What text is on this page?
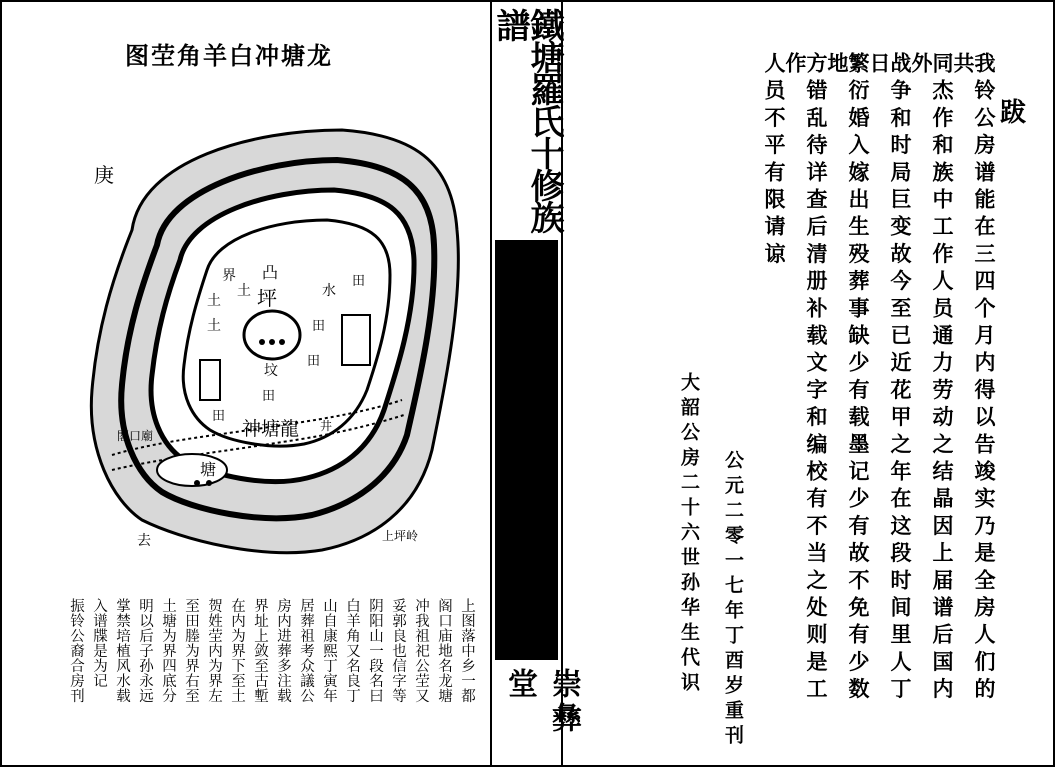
图茔角羊白冲塘龙
庚
界
土
土
土
坪
凸
坟
水
田
田
田
田
田
神塘龍
塘
井
去	上坪岭
閣口廟
上图落中乡一都
阁口庙地名龙塘
冲我祖祀公茔又
妥郭良也信字等
阴阳山一段名曰
白羊角又名良丁
山自康熙丁寅年
居葬祖考众議公
房内进葬多注载
界址上敛至古塹
在内为界下至土
贺姓茔内为界左
至田塍为界右至
土塘为界四底分
明以后子孙永远
掌禁培植风水载
入谱牒是为记
振铃公裔合房刊
鐵塘羅氏十修族譜
振铃公房卷一
坟山图记
六
崇彝堂
跋
我铃公房谱能在三四个月内得以告竣实乃是全房人们的共
同杰作和族中工作人员通力劳动之结晶因上届谱后国内外
战争和时局巨变故今至已近花甲之年在这段时间里人丁日
繁衍婚入嫁出生殁葬事缺少有载墨记少有故不免有少数地
方错乱待详查后清册补载文字和编校有不当之处则是工作
人员不平有限请谅
公元二零一七年丁酉岁重刊
大韶公房二十六世孙华生代识
